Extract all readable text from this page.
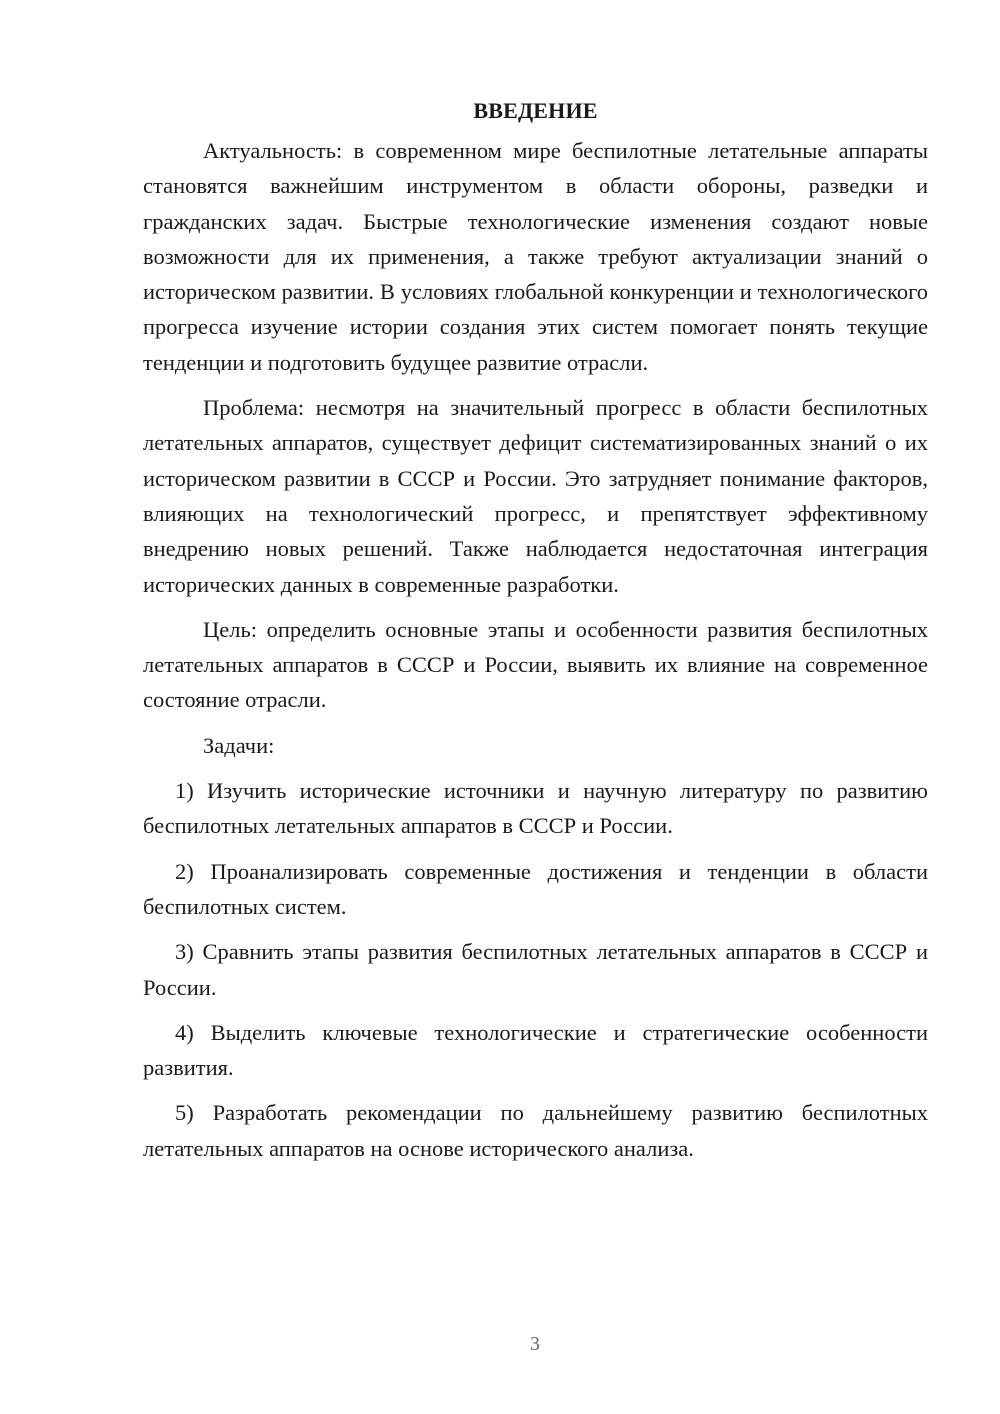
ВВЕДЕНИЕ

Актуальность: в современном мире беспилотные летательные аппараты становятся важнейшим инструментом в области обороны, разведки и гражданских задач. Быстрые технологические изменения создают новые возможности для их применения, а также требуют актуализации знаний о историческом развитии. В условиях глобальной конкуренции и технологического прогресса изучение истории создания этих систем помогает понять текущие тенденции и подготовить будущее развитие отрасли.

Проблема: несмотря на значительный прогресс в области беспилотных летательных аппаратов, существует дефицит систематизированных знаний о их историческом развитии в СССР и России. Это затрудняет понимание факторов, влияющих на технологический прогресс, и препятствует эффективному внедрению новых решений. Также наблюдается недостаточная интеграция исторических данных в современные разработки.

Цель: определить основные этапы и особенности развития беспилотных летательных аппаратов в СССР и России, выявить их влияние на современное состояние отрасли.

Задачи:

1) Изучить исторические источники и научную литературу по развитию беспилотных летательных аппаратов в СССР и России.

2) Проанализировать современные достижения и тенденции в области беспилотных систем.

3) Сравнить этапы развития беспилотных летательных аппаратов в СССР и России.

4) Выделить ключевые технологические и стратегические особенности развития.

5) Разработать рекомендации по дальнейшему развитию беспилотных летательных аппаратов на основе исторического анализа.

3
